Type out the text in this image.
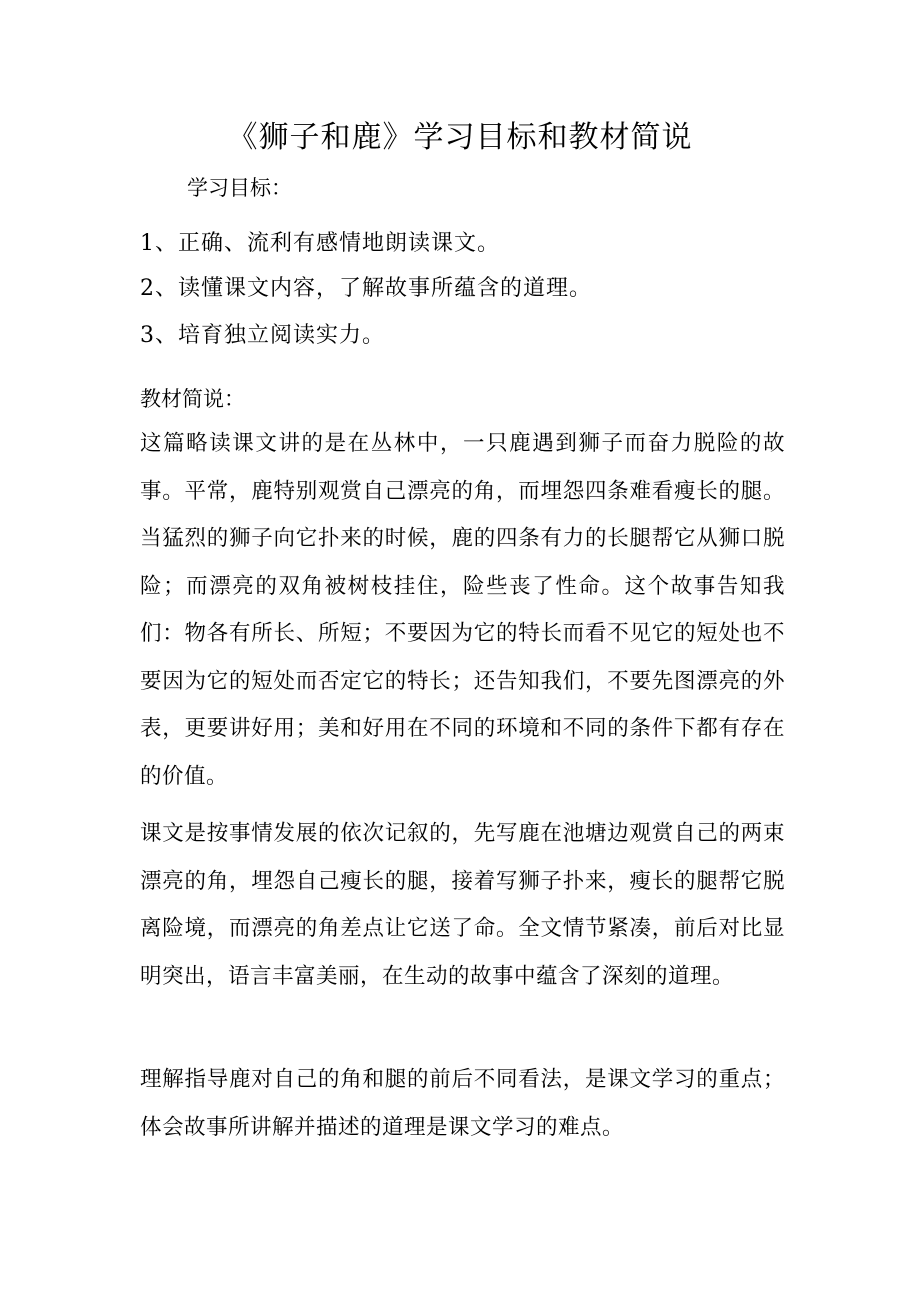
《狮子和鹿》学习目标和教材简说
学习目标：
1、正确、流利有感情地朗读课文。
2、读懂课文内容，了解故事所蕴含的道理。
3、培育独立阅读实力。
教材简说：

这篇略读课文讲的是在丛林中，一只鹿遇到狮子而奋力脱险的故事。平常，鹿特别观赏自己漂亮的角，而埋怨四条难看瘦长的腿。当猛烈的狮子向它扑来的时候，鹿的四条有力的长腿帮它从狮口脱险；而漂亮的双角被树枝挂住，险些丧了性命。这个故事告知我们：物各有所长、所短；不要因为它的特长而看不见它的短处也不要因为它的短处而否定它的特长；还告知我们，不要先图漂亮的外表，更要讲好用；美和好用在不同的环境和不同的条件下都有存在的价值。

课文是按事情发展的依次记叙的，先写鹿在池塘边观赏自己的两束漂亮的角，埋怨自己瘦长的腿，接着写狮子扑来，瘦长的腿帮它脱离险境，而漂亮的角差点让它送了命。全文情节紧凑，前后对比显明突出，语言丰富美丽，在生动的故事中蕴含了深刻的道理。

理解指导鹿对自己的角和腿的前后不同看法，是课文学习的重点；体会故事所讲解并描述的道理是课文学习的难点。
